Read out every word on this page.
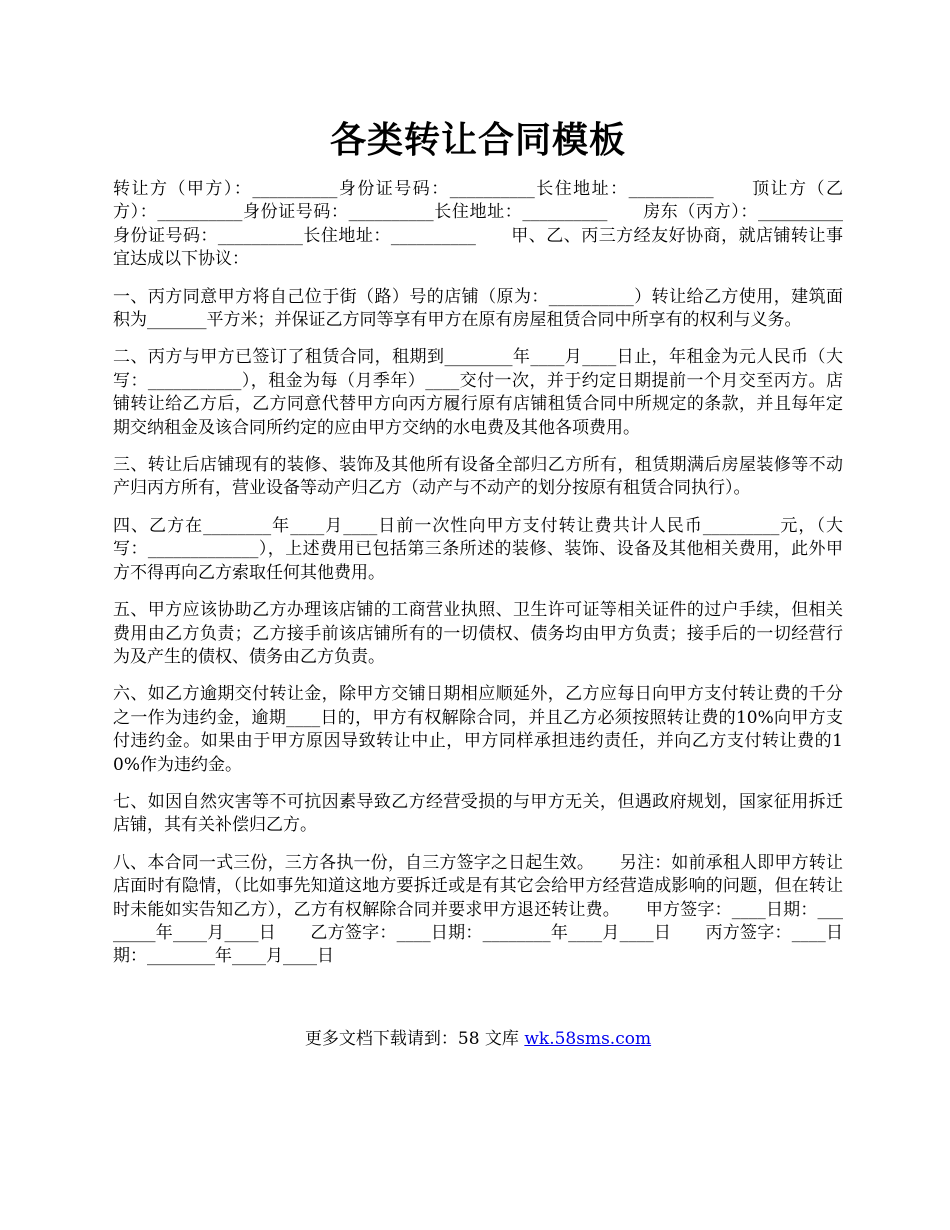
各类转让合同模板

转让方（甲方）：__________身份证号码：__________长住地址：__________　　顶让方（乙方）：__________身份证号码：__________长住地址：__________　　房东（丙方）：__________身份证号码：__________长住地址：__________　　甲、乙、丙三方经友好协商，就店铺转让事宜达成以下协议：

一、丙方同意甲方将自己位于街（路）号的店铺（原为：__________）转让给乙方使用，建筑面积为_______平方米；并保证乙方同等享有甲方在原有房屋租赁合同中所享有的权利与义务。

二、丙方与甲方已签订了租赁合同，租期到________年____月____日止，年租金为元人民币（大写：___________），租金为每（月季年）____交付一次，并于约定日期提前一个月交至丙方。店铺转让给乙方后，乙方同意代替甲方向丙方履行原有店铺租赁合同中所规定的条款，并且每年定期交纳租金及该合同所约定的应由甲方交纳的水电费及其他各项费用。

三、转让后店铺现有的装修、装饰及其他所有设备全部归乙方所有，租赁期满后房屋装修等不动产归丙方所有，营业设备等动产归乙方（动产与不动产的划分按原有租赁合同执行）。

四、乙方在________年____月____日前一次性向甲方支付转让费共计人民币_________元，（大写：_____________），上述费用已包括第三条所述的装修、装饰、设备及其他相关费用，此外甲方不得再向乙方索取任何其他费用。

五、甲方应该协助乙方办理该店铺的工商营业执照、卫生许可证等相关证件的过户手续，但相关费用由乙方负责；乙方接手前该店铺所有的一切债权、债务均由甲方负责；接手后的一切经营行为及产生的债权、债务由乙方负责。

六、如乙方逾期交付转让金，除甲方交铺日期相应顺延外，乙方应每日向甲方支付转让费的千分之一作为违约金，逾期____日的，甲方有权解除合同，并且乙方必须按照转让费的10%向甲方支付违约金。如果由于甲方原因导致转让中止，甲方同样承担违约责任，并向乙方支付转让费的10%作为违约金。

七、如因自然灾害等不可抗因素导致乙方经营受损的与甲方无关，但遇政府规划，国家征用拆迁店铺，其有关补偿归乙方。

八、本合同一式三份，三方各执一份，自三方签字之日起生效。　　另注：如前承租人即甲方转让店面时有隐情，（比如事先知道这地方要拆迁或是有其它会给甲方经营造成影响的问题，但在转让时未能如实告知乙方），乙方有权解除合同并要求甲方退还转让费。　　甲方签字：____日期：________年____月____日　　乙方签字：____日期：________年____月____日　　丙方签字：____日期：________年____月____日

更多文档下载请到：58 文库 wk.58sms.com
